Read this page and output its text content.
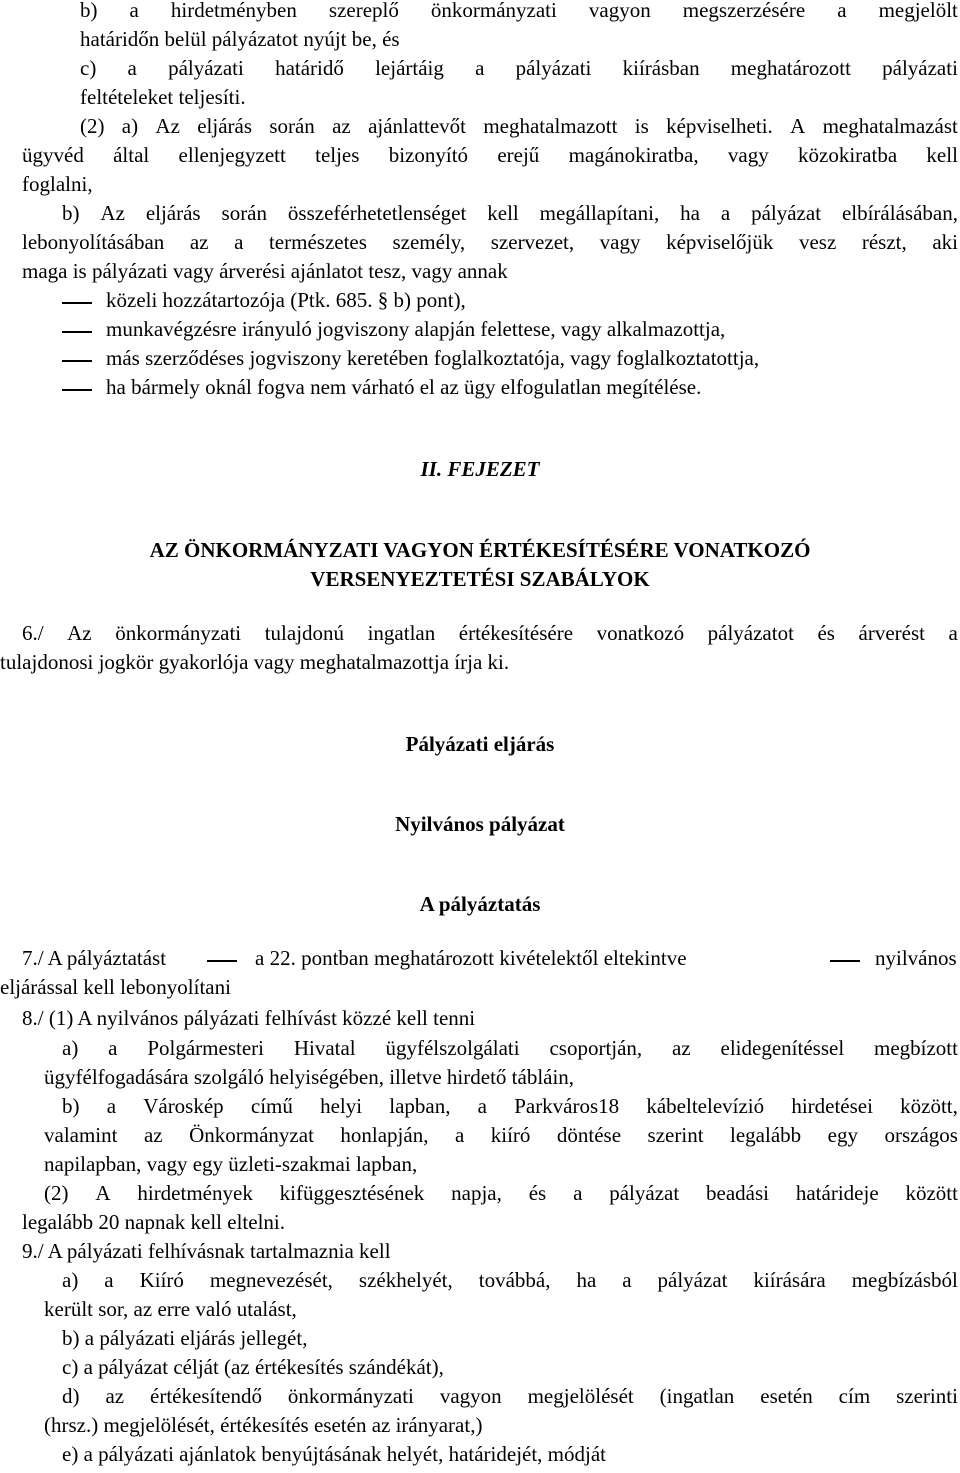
b) a hirdetményben szereplő önkormányzati vagyon megszerzésére a megjelölt
határidőn belül pályázatot nyújt be, és
c) a pályázati határidő lejártáig a pályázati kiírásban meghatározott pályázati
feltételeket teljesíti.
(2) a) Az eljárás során az ajánlattevőt meghatalmazott is képviselheti. A meghatalmazást
ügyvéd által ellenjegyzett teljes bizonyító erejű magánokiratba, vagy közokiratba kell
foglalni,
b) Az eljárás során összeférhetetlenséget kell megállapítani, ha a pályázat elbírálásában,
lebonyolításában az a természetes személy, szervezet, vagy képviselőjük vesz részt, aki
maga is pályázati vagy árverési ajánlatot tesz, vagy annak
közeli hozzátartozója (Ptk. 685. § b) pont),
munkavégzésre irányuló jogviszony alapján felettese, vagy alkalmazottja,
más szerződéses jogviszony keretében foglalkoztatója, vagy foglalkoztatottja,
ha bármely oknál fogva nem várható el az ügy elfogulatlan megítélése.
II. FEJEZET
AZ ÖNKORMÁNYZATI VAGYON ÉRTÉKESÍTÉSÉRE VONATKOZÓ
VERSENYEZTETÉSI SZABÁLYOK
6./ Az önkormányzati tulajdonú ingatlan értékesítésére vonatkozó pályázatot és árverést a
tulajdonosi jogkör gyakorlója vagy meghatalmazottja írja ki.
Pályázati eljárás
Nyilvános pályázat
A pályáztatás
7./ A pályáztatást	a 22. pontban meghatározott kivételektől eltekintve	nyilvános
eljárással kell lebonyolítani
8./ (1) A nyilvános pályázati felhívást közzé kell tenni
a) a Polgármesteri Hivatal ügyfélszolgálati csoportján, az elidegenítéssel megbízott
ügyfélfogadására szolgáló helyiségében, illetve hirdető tábláin,
b) a Városkép című helyi lapban, a Parkváros18 kábeltelevízió hirdetései között,
valamint az Önkormányzat honlapján, a kiíró döntése szerint legalább egy országos
napilapban, vagy egy üzleti-szakmai lapban,
(2) A hirdetmények kifüggesztésének napja, és a pályázat beadási határideje között
legalább 20 napnak kell eltelni.
9./ A pályázati felhívásnak tartalmaznia kell
a) a Kiíró megnevezését, székhelyét, továbbá, ha a pályázat kiírására megbízásból
került sor, az erre való utalást,
b) a pályázati eljárás jellegét,
c) a pályázat célját (az értékesítés szándékát),
d) az értékesítendő önkormányzati vagyon megjelölését (ingatlan esetén cím szerinti
(hrsz.) megjelölését, értékesítés esetén az irányarat,)
e) a pályázati ajánlatok benyújtásának helyét, határidejét, módját
